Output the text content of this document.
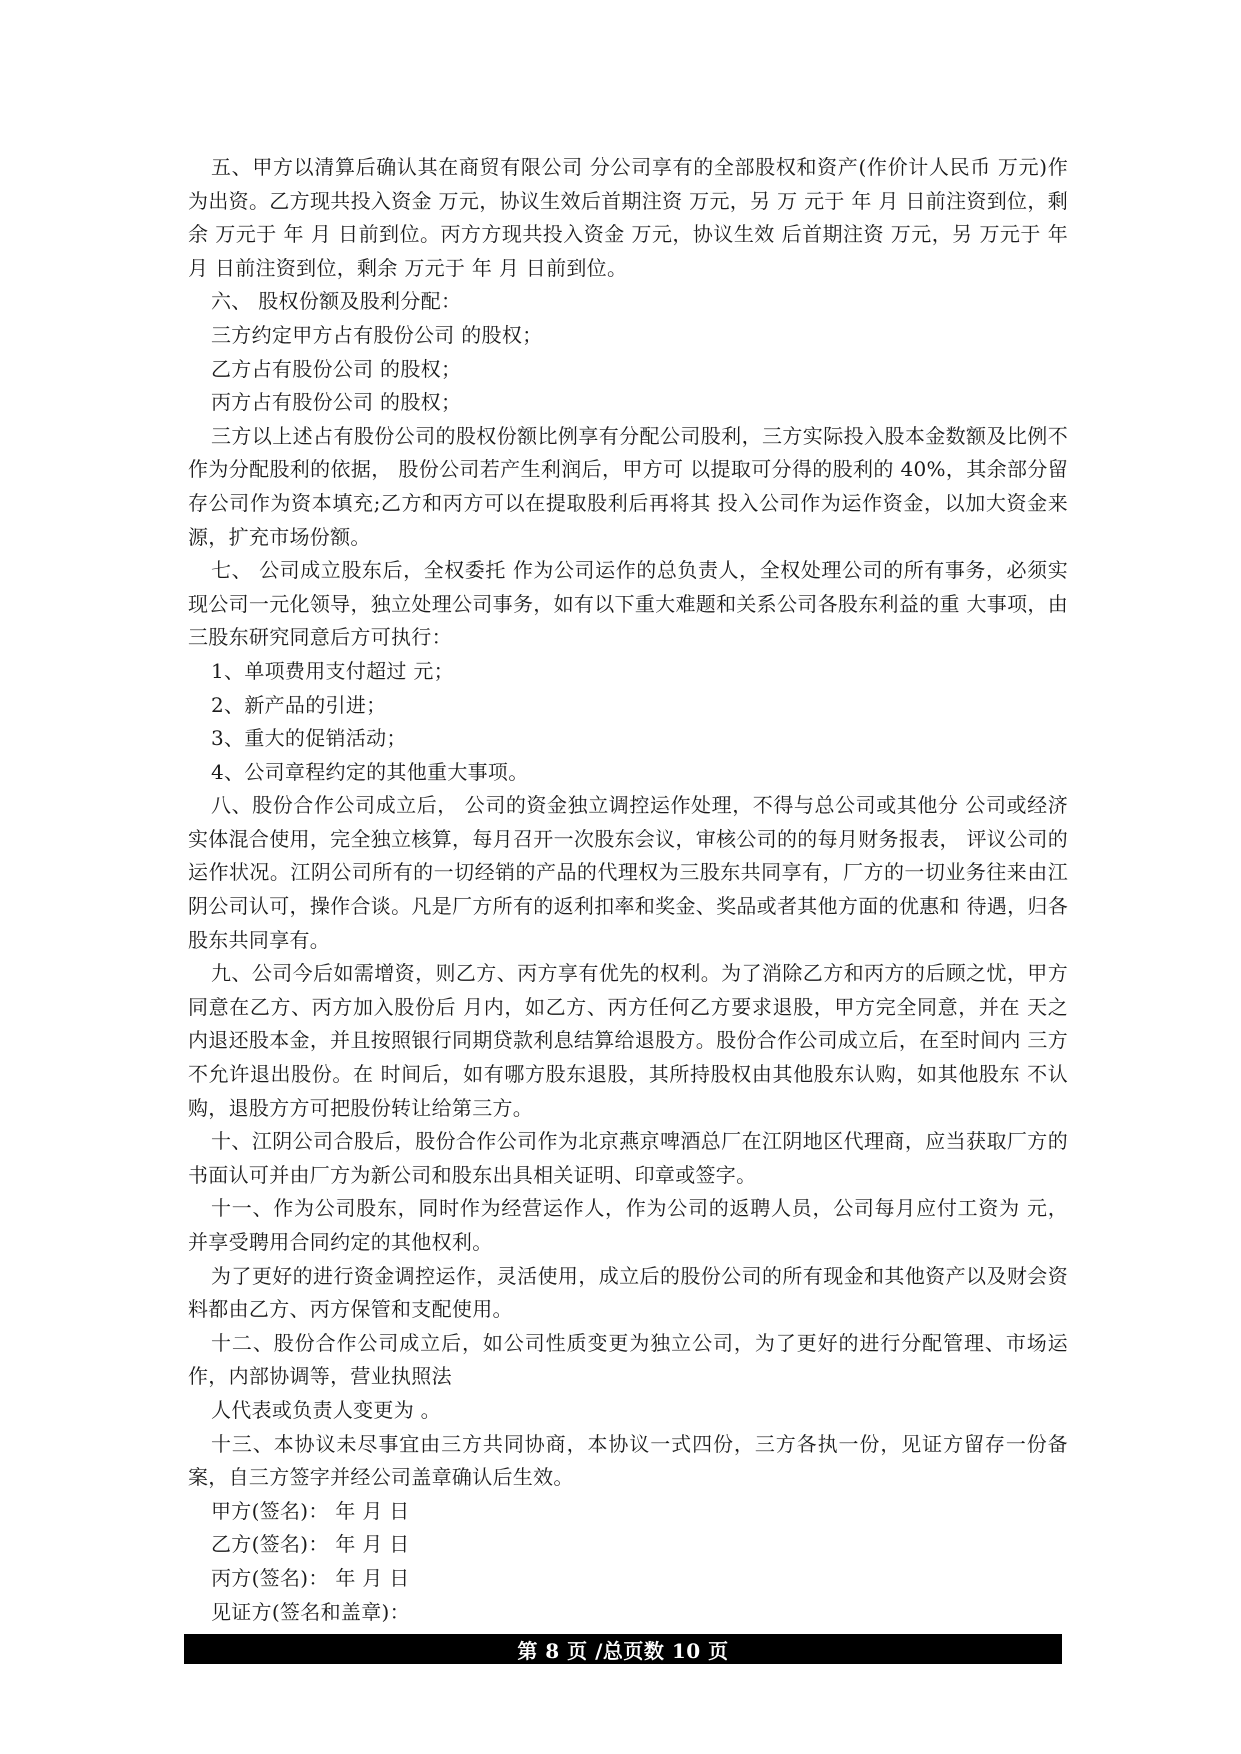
五、甲方以清算后确认其在商贸有限公司 分公司享有的全部股权和资产(作价计人民币 万元)作为出资。乙方现共投入资金 万元，协议生效后首期注资 万元，另 万 元于 年 月 日前注资到位，剩余 万元于 年 月 日前到位。丙方方现共投入资金 万元，协议生效 后首期注资 万元，另 万元于 年 月 日前注资到位，剩余 万元于 年 月 日前到位。

六、 股权份额及股利分配：

三方约定甲方占有股份公司 的股权；

乙方占有股份公司 的股权；

丙方占有股份公司 的股权；

三方以上述占有股份公司的股权份额比例享有分配公司股利，三方实际投入股本金数额及比例不作为分配股利的依据， 股份公司若产生利润后，甲方可 以提取可分得的股利的 40%，其余部分留存公司作为资本填充;乙方和丙方可以在提取股利后再将其 投入公司作为运作资金，以加大资金来源，扩充市场份额。

七、 公司成立股东后，全权委托 作为公司运作的总负责人，全权处理公司的所有事务，必须实现公司一元化领导，独立处理公司事务，如有以下重大难题和关系公司各股东利益的重 大事项，由三股东研究同意后方可执行：

1、单项费用支付超过 元；

2、新产品的引进；

3、重大的促销活动；

4、公司章程约定的其他重大事项。

八、股份合作公司成立后， 公司的资金独立调控运作处理，不得与总公司或其他分 公司或经济实体混合使用，完全独立核算，每月召开一次股东会议，审核公司的的每月财务报表， 评议公司的运作状况。江阴公司所有的一切经销的产品的代理权为三股东共同享有，厂方的一切业务往来由江阴公司认可，操作合谈。凡是厂方所有的返利扣率和奖金、奖品或者其他方面的优惠和 待遇，归各股东共同享有。

九、公司今后如需增资，则乙方、丙方享有优先的权利。为了消除乙方和丙方的后顾之忧，甲方同意在乙方、丙方加入股份后 月内，如乙方、丙方任何乙方要求退股，甲方完全同意，并在 天之内退还股本金，并且按照银行同期贷款利息结算给退股方。股份合作公司成立后，在至时间内 三方不允许退出股份。在 时间后，如有哪方股东退股，其所持股权由其他股东认购，如其他股东 不认购，退股方方可把股份转让给第三方。

十、江阴公司合股后，股份合作公司作为北京燕京啤酒总厂在江阴地区代理商，应当获取厂方的书面认可并由厂方为新公司和股东出具相关证明、印章或签字。

十一、作为公司股东，同时作为经营运作人，作为公司的返聘人员，公司每月应付工资为 元，并享受聘用合同约定的其他权利。

为了更好的进行资金调控运作，灵活使用，成立后的股份公司的所有现金和其他资产以及财会资料都由乙方、丙方保管和支配使用。

十二、股份合作公司成立后，如公司性质变更为独立公司，为了更好的进行分配管理、市场运作，内部协调等，营业执照法

人代表或负责人变更为 。

十三、本协议未尽事宜由三方共同协商，本协议一式四份，三方各执一份，见证方留存一份备案，自三方签字并经公司盖章确认后生效。

甲方(签名)： 年 月 日

乙方(签名)： 年 月 日

丙方(签名)： 年 月 日

见证方(签名和盖章)：

第 8 页 /总页数 10 页
